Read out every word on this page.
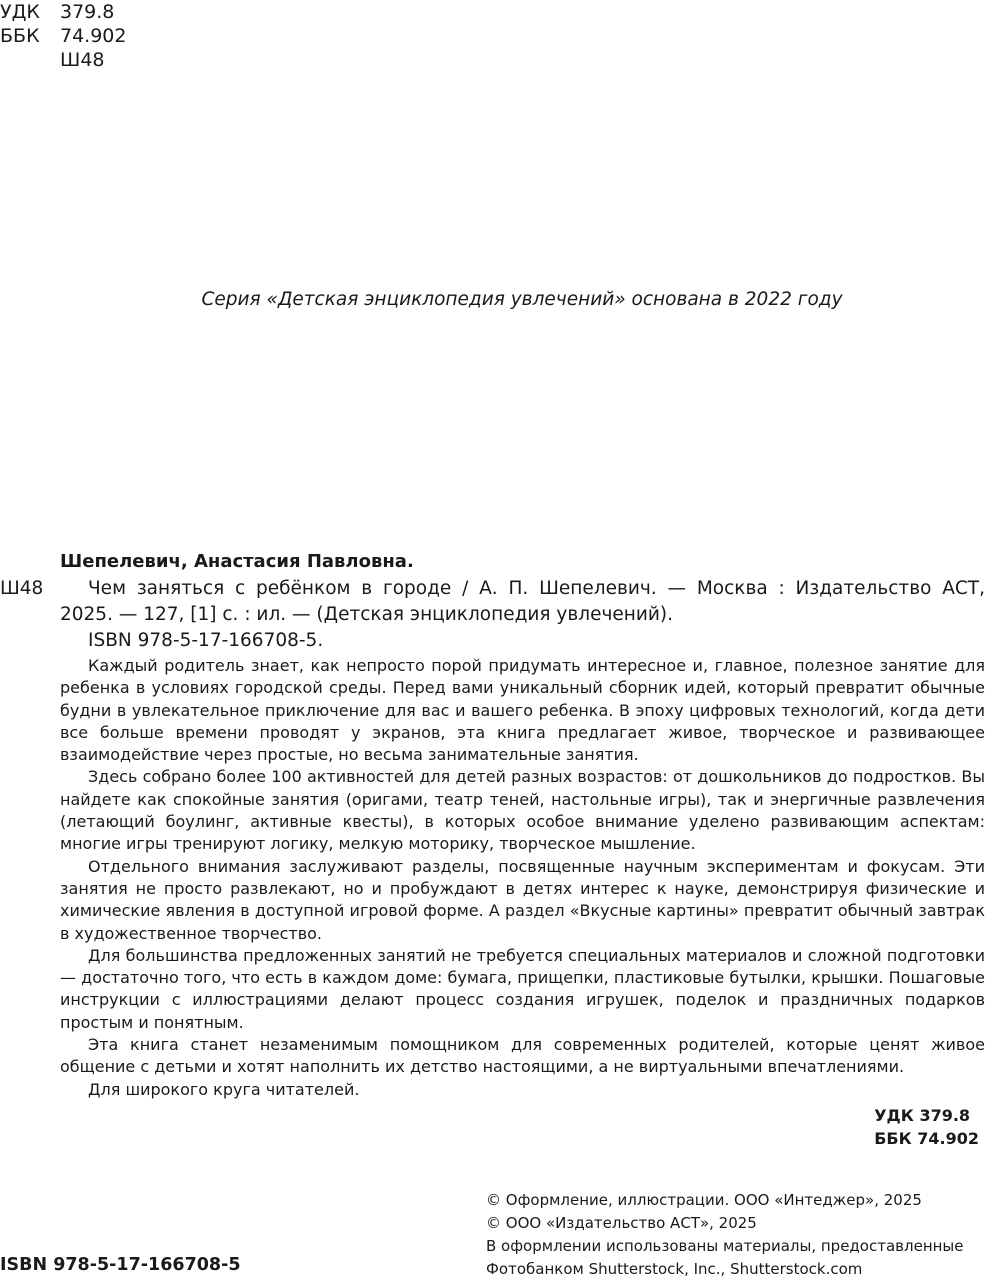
УДК	379.8
ББК	74.902
Ш48
Серия «Детская энциклопедия увлечений» основана в 2022 году
Шепелевич, Анастасия Павловна.
Ш48	Чем заняться с ребёнком в городе / А. П. Шепелевич. — Москва : Издательство АСТ,

2025. — 127, [1] с. : ил. — (Детская энциклопедия увлечений).

ISBN 978-5-17-166708-5.

Каждый родитель знает, как непросто порой придумать интересное и, главное, полезное занятие для ребенка в условиях городской среды. Перед вами уникальный сборник идей, который превратит обычные будни в увлекательное приключение для вас и вашего ребенка. В эпоху цифровых технологий, когда дети все больше времени проводят у экранов, эта книга предлагает живое, творческое и развивающее взаимодействие через простые, но весьма занимательные занятия.

Здесь собрано более 100 активностей для детей разных возрастов: от дошкольников до подростков. Вы найдете как спокойные занятия (оригами, театр теней, настольные игры), так и энергичные развлечения (летающий боулинг, активные квесты), в которых особое внимание уделено развивающим аспектам: многие игры тренируют логику, мелкую моторику, творческое мышление.

Отдельного внимания заслуживают разделы, посвященные научным экспериментам и фокусам. Эти занятия не просто развлекают, но и пробуждают в детях интерес к науке, демонстрируя физические и химические явления в доступной игровой форме. А раздел «Вкусные картины» превратит обычный завтрак в художественное творчество.

Для большинства предложенных занятий не требуется специальных материалов и сложной подготовки — достаточно того, что есть в каждом доме: бумага, прищепки, пластиковые бутылки, крышки. Пошаговые инструкции с иллюстрациями делают процесс создания игрушек, поделок и праздничных подарков простым и понятным.

Эта книга станет незаменимым помощником для современных родителей, которые ценят живое общение с детьми и хотят наполнить их детство настоящими, а не виртуальными впечатлениями.

Для широкого круга читателей.

УДК 379.8
ББК 74.902
© Оформление, иллюстрации. ООО «Интеджер», 2025
© ООО «Издательство АСТ», 2025
В оформлении использованы материалы, предоставленные
Фотобанком Shutterstock, Inc., Shutterstock.com
ISBN 978-5-17-166708-5
